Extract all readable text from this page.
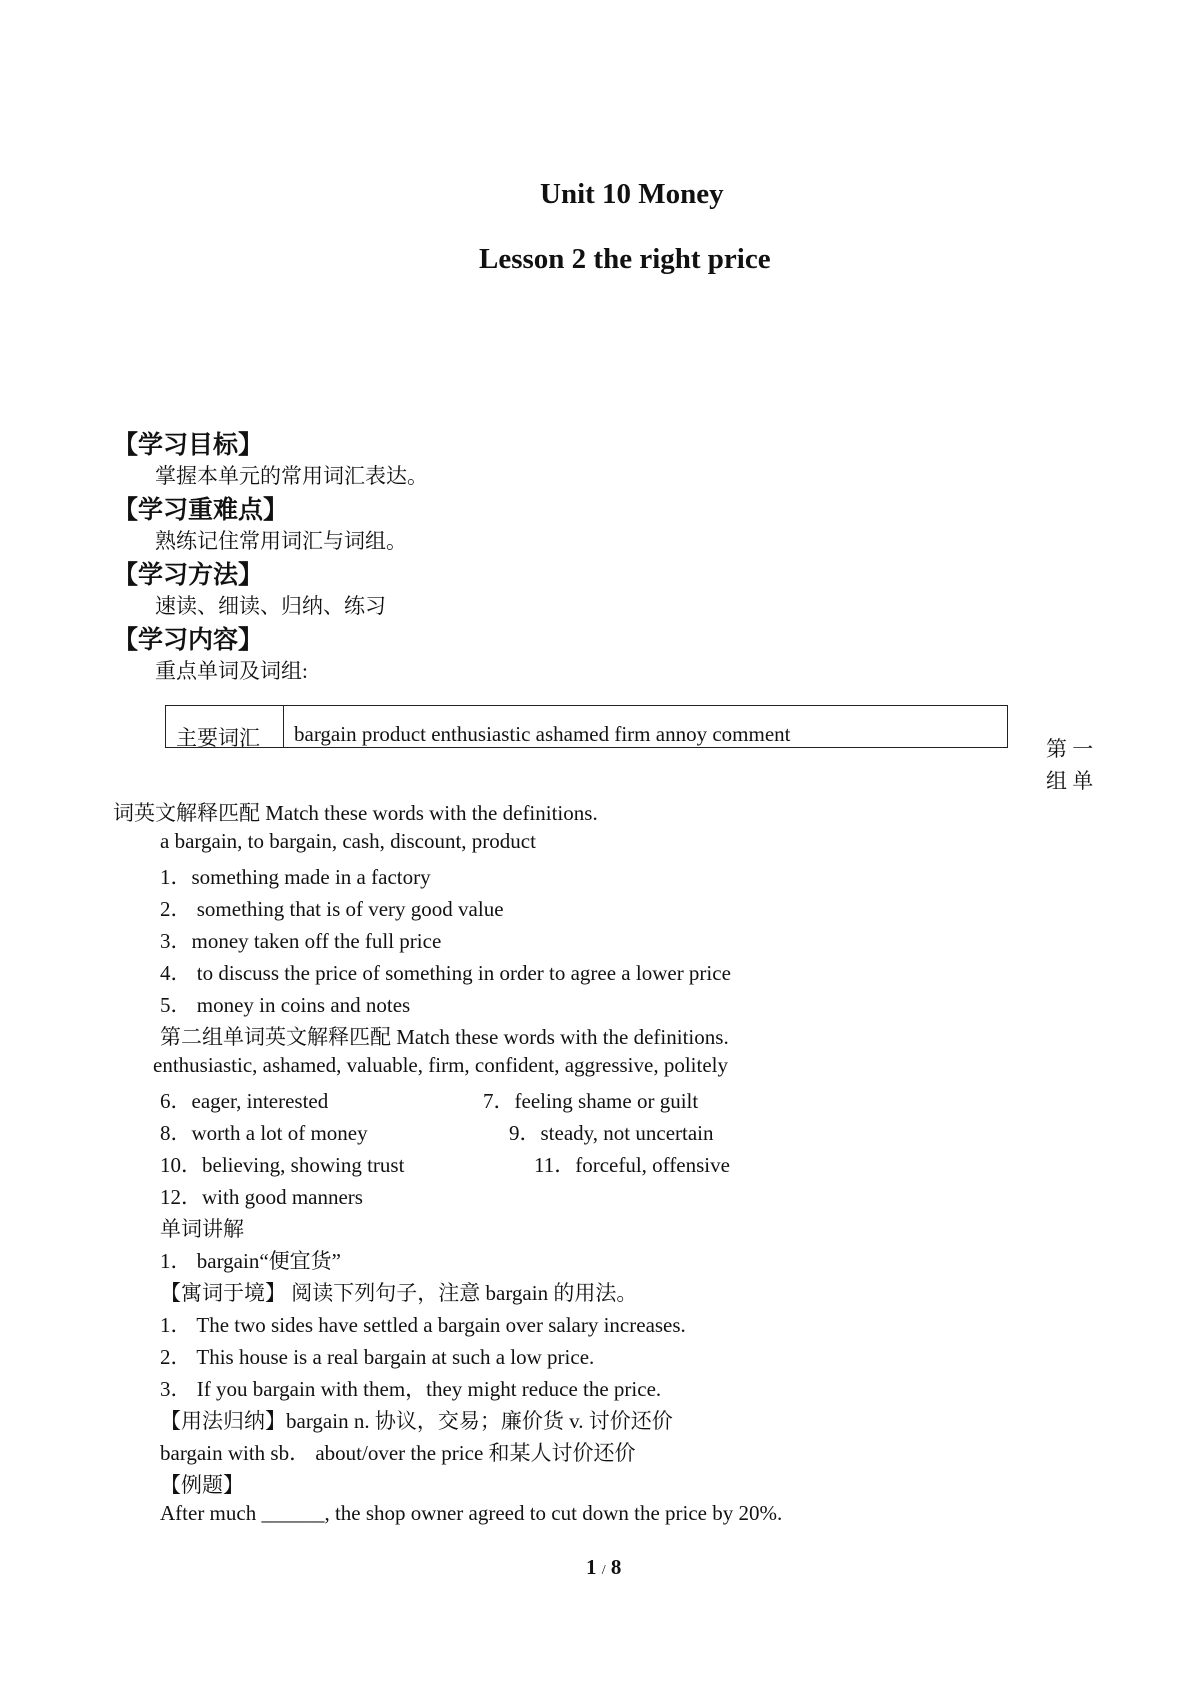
Unit 10 Money
Lesson 2 the right price
【学习目标】
掌握本单元的常用词汇表达。
【学习重难点】
熟练记住常用词汇与词组。
【学习方法】
速读、细读、归纳、练习
【学习内容】
重点单词及词组:
主要词汇 bargain product enthusiastic ashamed firm annoy comment
第 一
组 单
词英文解释匹配 Match these words with the definitions.
a bargain, to bargain, cash, discount, product
1．something made in a factory
2． something that is of very good value
3．money taken off the full price
4． to discuss the price of something in order to agree a lower price
5． money in coins and notes
第二组单词英文解释匹配 Match these words with the definitions.
enthusiastic, ashamed, valuable, firm, confident, aggressive, politely
6．eager, interested	7．feeling shame or guilt
8．worth a lot of money	9．steady, not uncertain
10．believing, showing trust	11．forceful, offensive
12．with good manners
单词讲解
1． bargain“便宜货”
【寓词于境】 阅读下列句子，注意 bargain 的用法。
1． The two sides have settled a bargain over salary increases.
2． This house is a real bargain at such a low price.
3． If you bargain with them，they might reduce the price.
【用法归纳】bargain n. 协议，交易；廉价货 v. 讨价还价
bargain with sb． about/over the price 和某人讨价还价
【例题】
After much ______, the shop owner agreed to cut down the price by 20%.
1 / 8
